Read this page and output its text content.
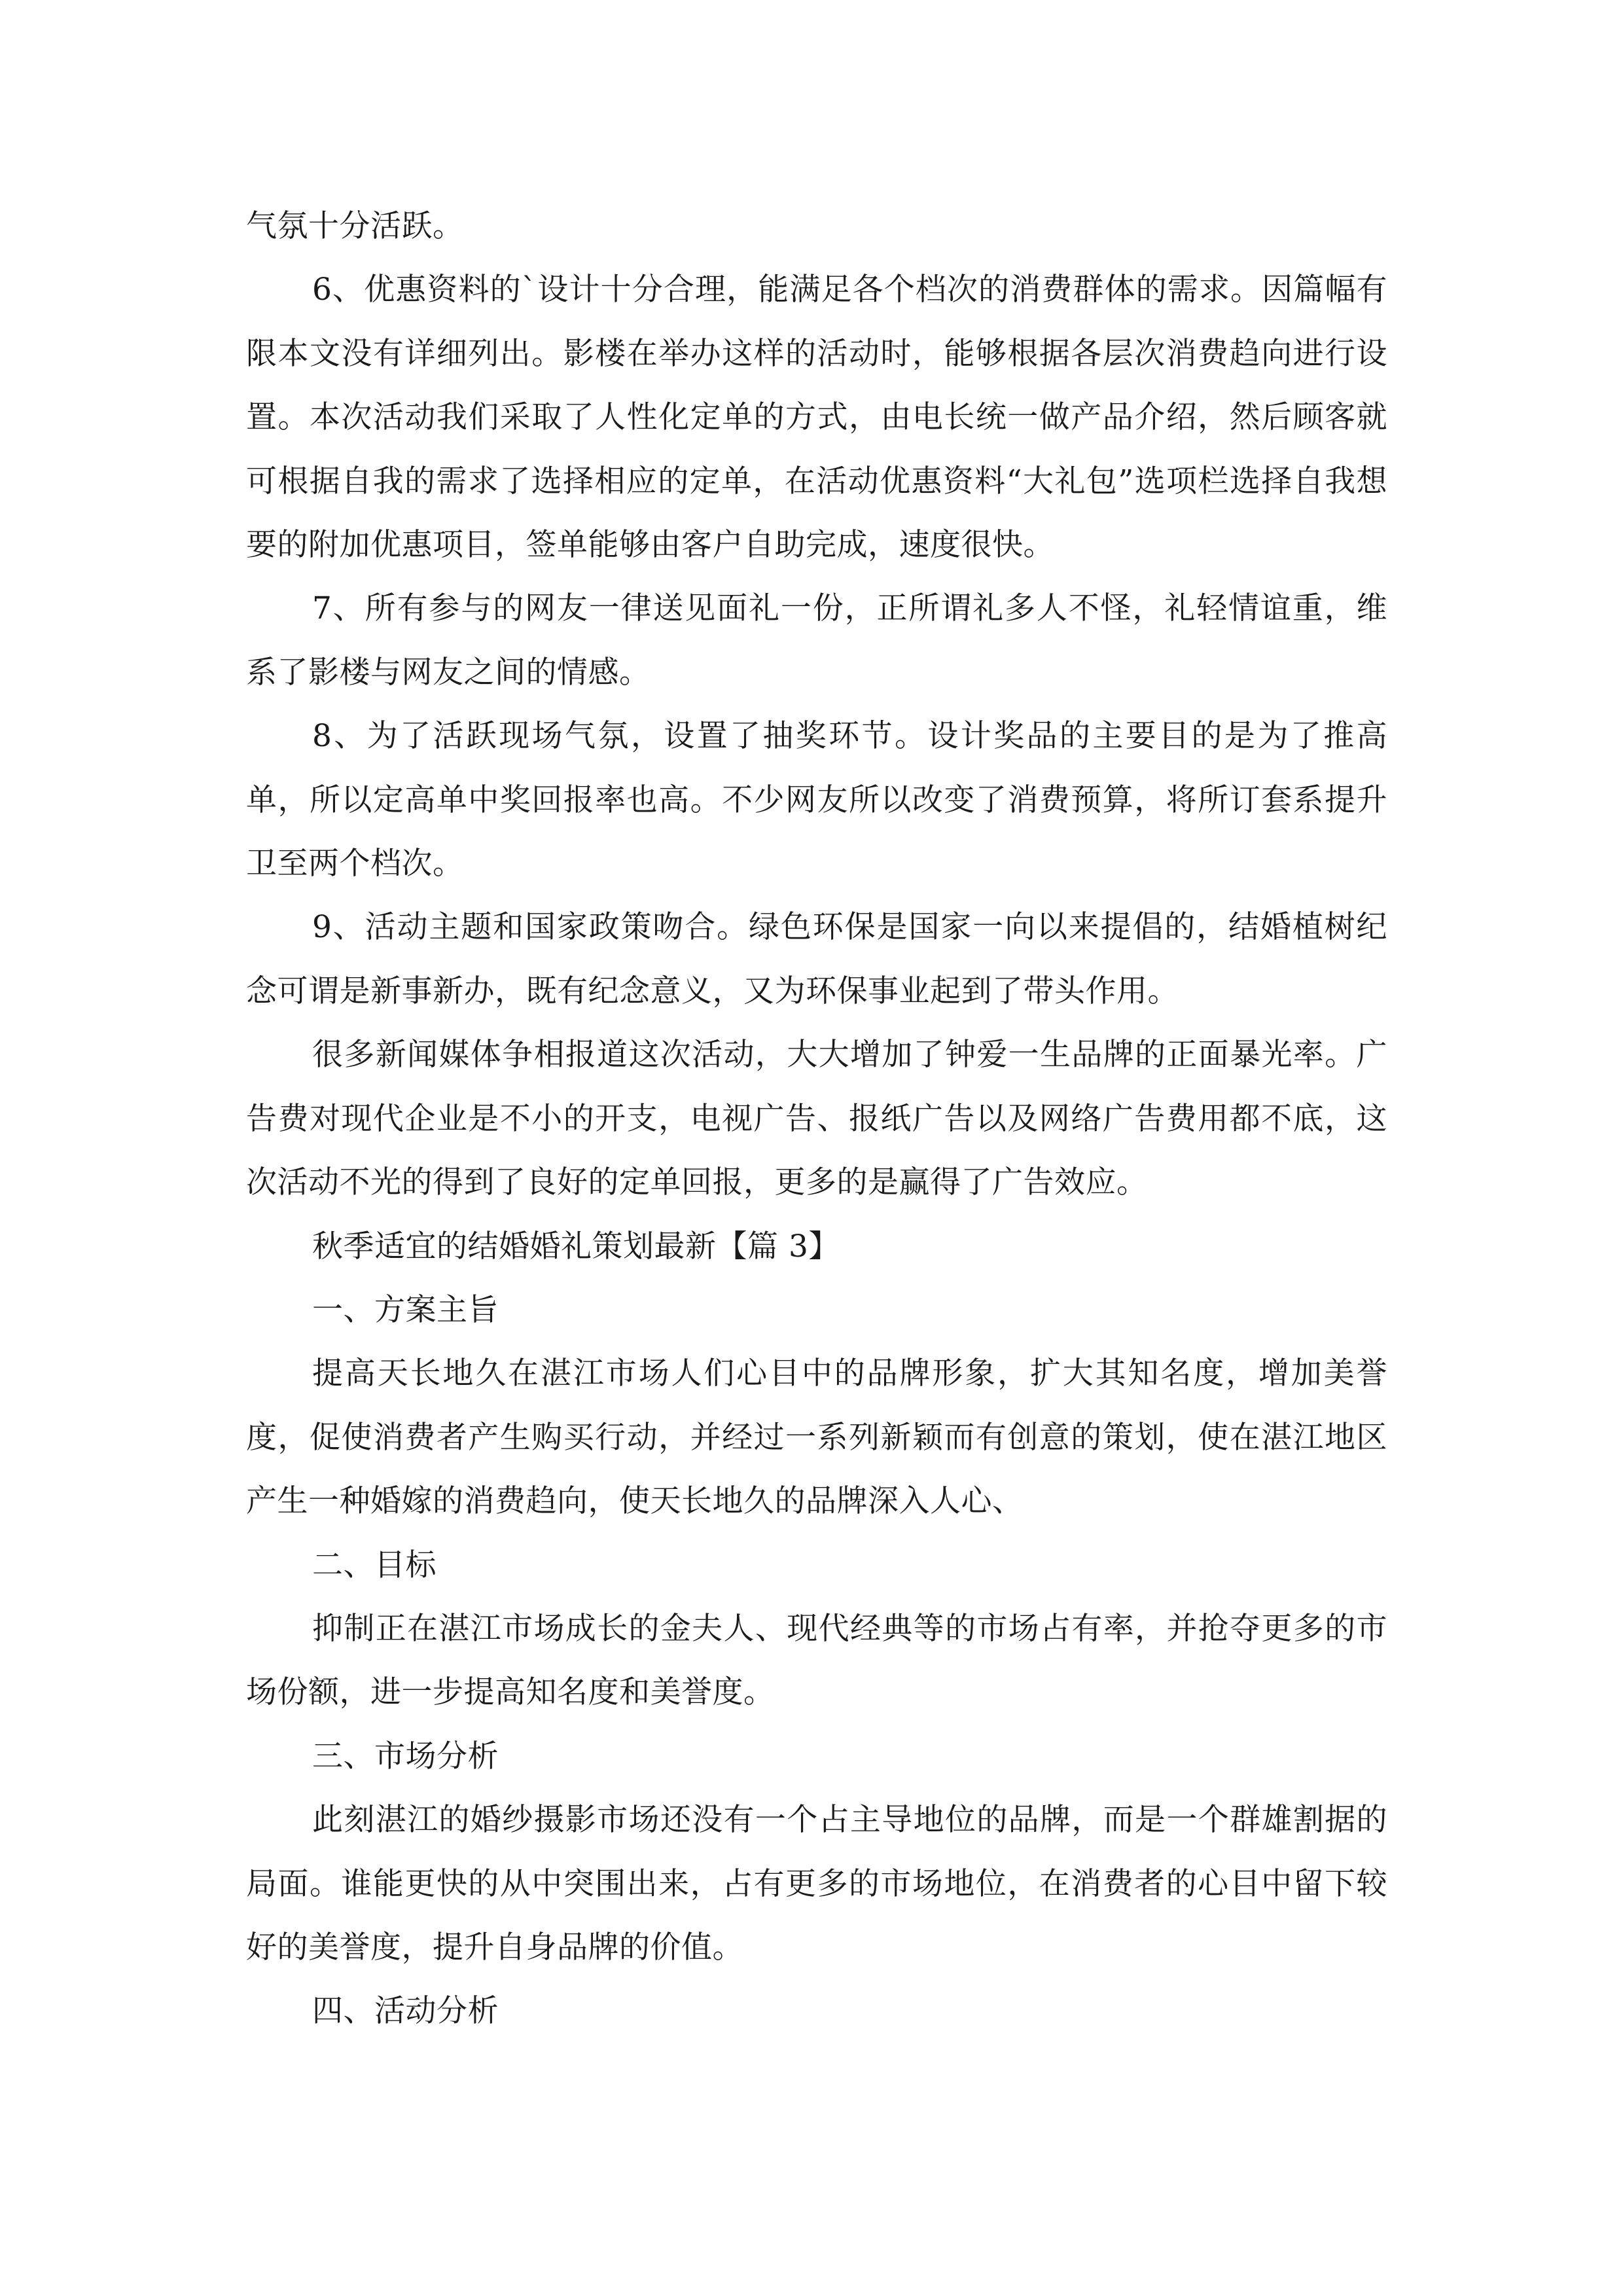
气氛十分活跃。

6、优惠资料的`设计十分合理，能满足各个档次的消费群体的需求。因篇幅有限本文没有详细列出。影楼在举办这样的活动时，能够根据各层次消费趋向进行设置。本次活动我们采取了人性化定单的方式，由电长统一做产品介绍，然后顾客就可根据自我的需求了选择相应的定单，在活动优惠资料“大礼包”选项栏选择自我想要的附加优惠项目，签单能够由客户自助完成，速度很快。

7、所有参与的网友一律送见面礼一份，正所谓礼多人不怪，礼轻情谊重，维系了影楼与网友之间的情感。

8、为了活跃现场气氛，设置了抽奖环节。设计奖品的主要目的是为了推高单，所以定高单中奖回报率也高。不少网友所以改变了消费预算，将所订套系提升卫至两个档次。

9、活动主题和国家政策吻合。绿色环保是国家一向以来提倡的，结婚植树纪念可谓是新事新办，既有纪念意义，又为环保事业起到了带头作用。

很多新闻媒体争相报道这次活动，大大增加了钟爱一生品牌的正面暴光率。广告费对现代企业是不小的开支，电视广告、报纸广告以及网络广告费用都不底，这次活动不光的得到了良好的定单回报，更多的是赢得了广告效应。

秋季适宜的结婚婚礼策划最新【篇 3】

一、方案主旨

提高天长地久在湛江市场人们心目中的品牌形象，扩大其知名度，增加美誉度，促使消费者产生购买行动，并经过一系列新颖而有创意的策划，使在湛江地区产生一种婚嫁的消费趋向，使天长地久的品牌深入人心、

二、目标

抑制正在湛江市场成长的金夫人、现代经典等的市场占有率，并抢夺更多的市场份额，进一步提高知名度和美誉度。

三、市场分析

此刻湛江的婚纱摄影市场还没有一个占主导地位的品牌，而是一个群雄割据的局面。谁能更快的从中突围出来，占有更多的市场地位，在消费者的心目中留下较好的美誉度，提升自身品牌的价值。

四、活动分析
